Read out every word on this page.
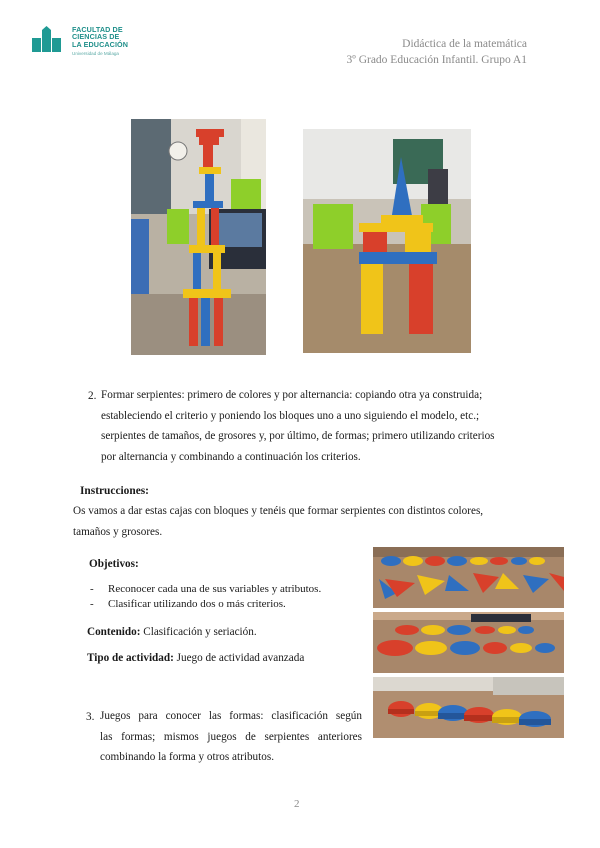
FACULTAD DE
CIENCIAS DE
LA EDUCACIÓN
Universidad de Málaga
Didáctica de la matemática
3º Grado Educación Infantil. Grupo A1
2. Formar serpientes: primero de colores y por alternancia: copiando otra ya construida;
estableciendo el criterio y poniendo los bloques uno a uno siguiendo el modelo, etc.;
serpientes de tamaños, de grosores y, por último, de formas; primero utilizando criterios
por alternancia y combinando a continuación los criterios.
Instrucciones:
Os vamos a dar estas cajas con bloques y tenéis que formar serpientes con distintos colores,
tamaños y grosores.
Objetivos:
- Reconocer cada una de sus variables y atributos.
- Clasificar utilizando dos o más criterios.
Contenido: Clasificación y seriación.
Tipo de actividad: Juego de actividad avanzada
3. Juegos para conocer las formas: clasificación según
las formas; mismos juegos de serpientes anteriores
combinando la forma y otros atributos.
2
